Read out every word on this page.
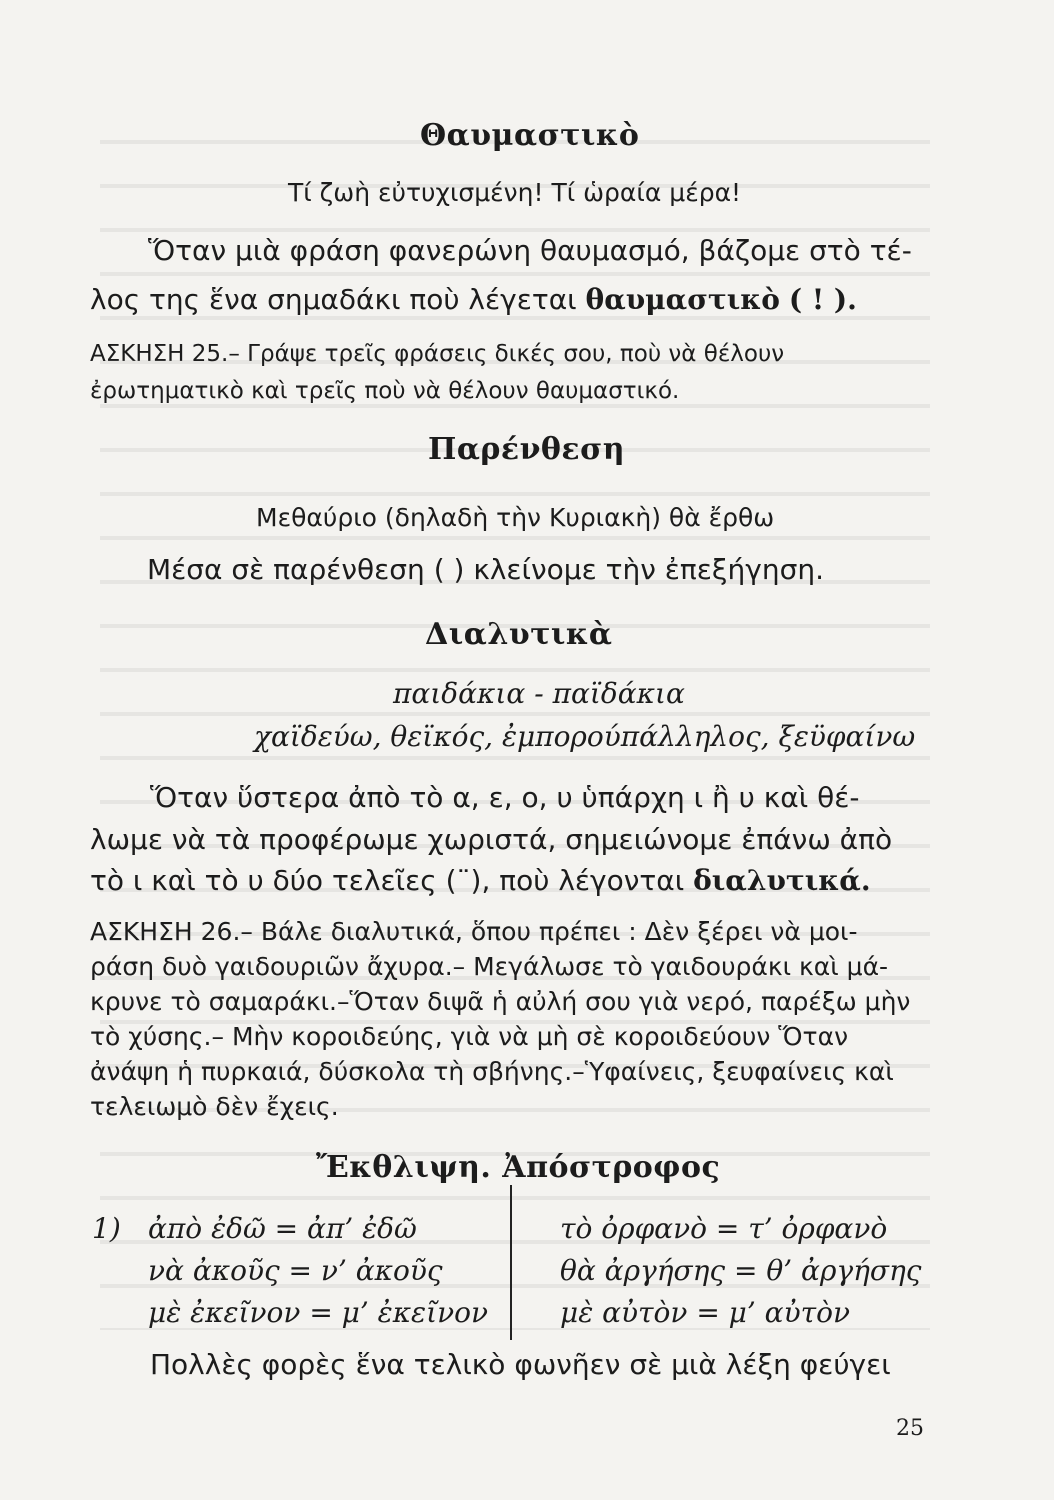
Θαυμαστικὸ
Τί ζωὴ εὐτυχισμένη! Τί ὡραία μέρα!
Ὅταν μιὰ φράση φανερώνη θαυμασμό, βάζομε στὸ τέ-
λος της ἕνα σημαδάκι ποὺ λέγεται θαυμαστικὸ ( ! ).
ΑΣΚΗΣΗ 25.– Γράψε τρεῖς φράσεις δικές σου, ποὺ νὰ θέλουν
ἐρωτηματικὸ καὶ τρεῖς ποὺ νὰ θέλουν θαυμαστικό.
Παρένθεση
Μεθαύριο (δηλαδὴ τὴν Κυριακὴ) θὰ ἔρθω
Μέσα σὲ παρένθεση ( ) κλείνομε τὴν ἐπεξήγηση.
Διαλυτικὰ
παιδάκια - παϊδάκια
χαϊδεύω, θεϊκός, ἐμπορούπάλληλος, ξεϋφαίνω
Ὅταν ὕστερα ἀπὸ τὸ α, ε, ο, υ ὑπάρχη ι ἢ υ καὶ θέ-
λωμε νὰ τὰ προφέρωμε χωριστά, σημειώνομε ἐπάνω ἀπὸ
τὸ ι καὶ τὸ υ δύο τελεῖες (¨), ποὺ λέγονται διαλυτικά.
ΑΣΚΗΣΗ 26.– Βάλε διαλυτικά, ὅπου πρέπει : Δὲν ξέρει νὰ μοι-
ράση δυὸ γαιδουριῶν ἄχυρα.– Μεγάλωσε τὸ γαιδουράκι καὶ μά-
κρυνε τὸ σαμαράκι.–Ὅταν διψᾶ ἡ αὐλή σου γιὰ νερό, παρέξω μὴν
τὸ χύσης.– Μὴν κοροιδεύης, γιὰ νὰ μὴ σὲ κοροιδεύουν Ὅταν
ἀνάψη ἡ πυρκαιά, δύσκολα τὴ σβήνης.–Ὑφαίνεις, ξευφαίνεις καὶ
τελειωμὸ δὲν ἔχεις.
Ἔκθλιψη. Ἀπόστροφος
1) ἀπὸ ἐδῶ = ἀπ’ ἐδῶ
νὰ ἀκοῦς = ν’ ἀκοῦς
μὲ ἐκεῖνον = μ’ ἐκεῖνον
τὸ ὀρφανὸ = τ’ ὀρφανὸ
θὰ ἀργήσης = θ’ ἀργήσης
μὲ αὐτὸν = μ’ αὐτὸν
Πολλὲς φορὲς ἕνα τελικὸ φωνῆεν σὲ μιὰ λέξη φεύγει
25
